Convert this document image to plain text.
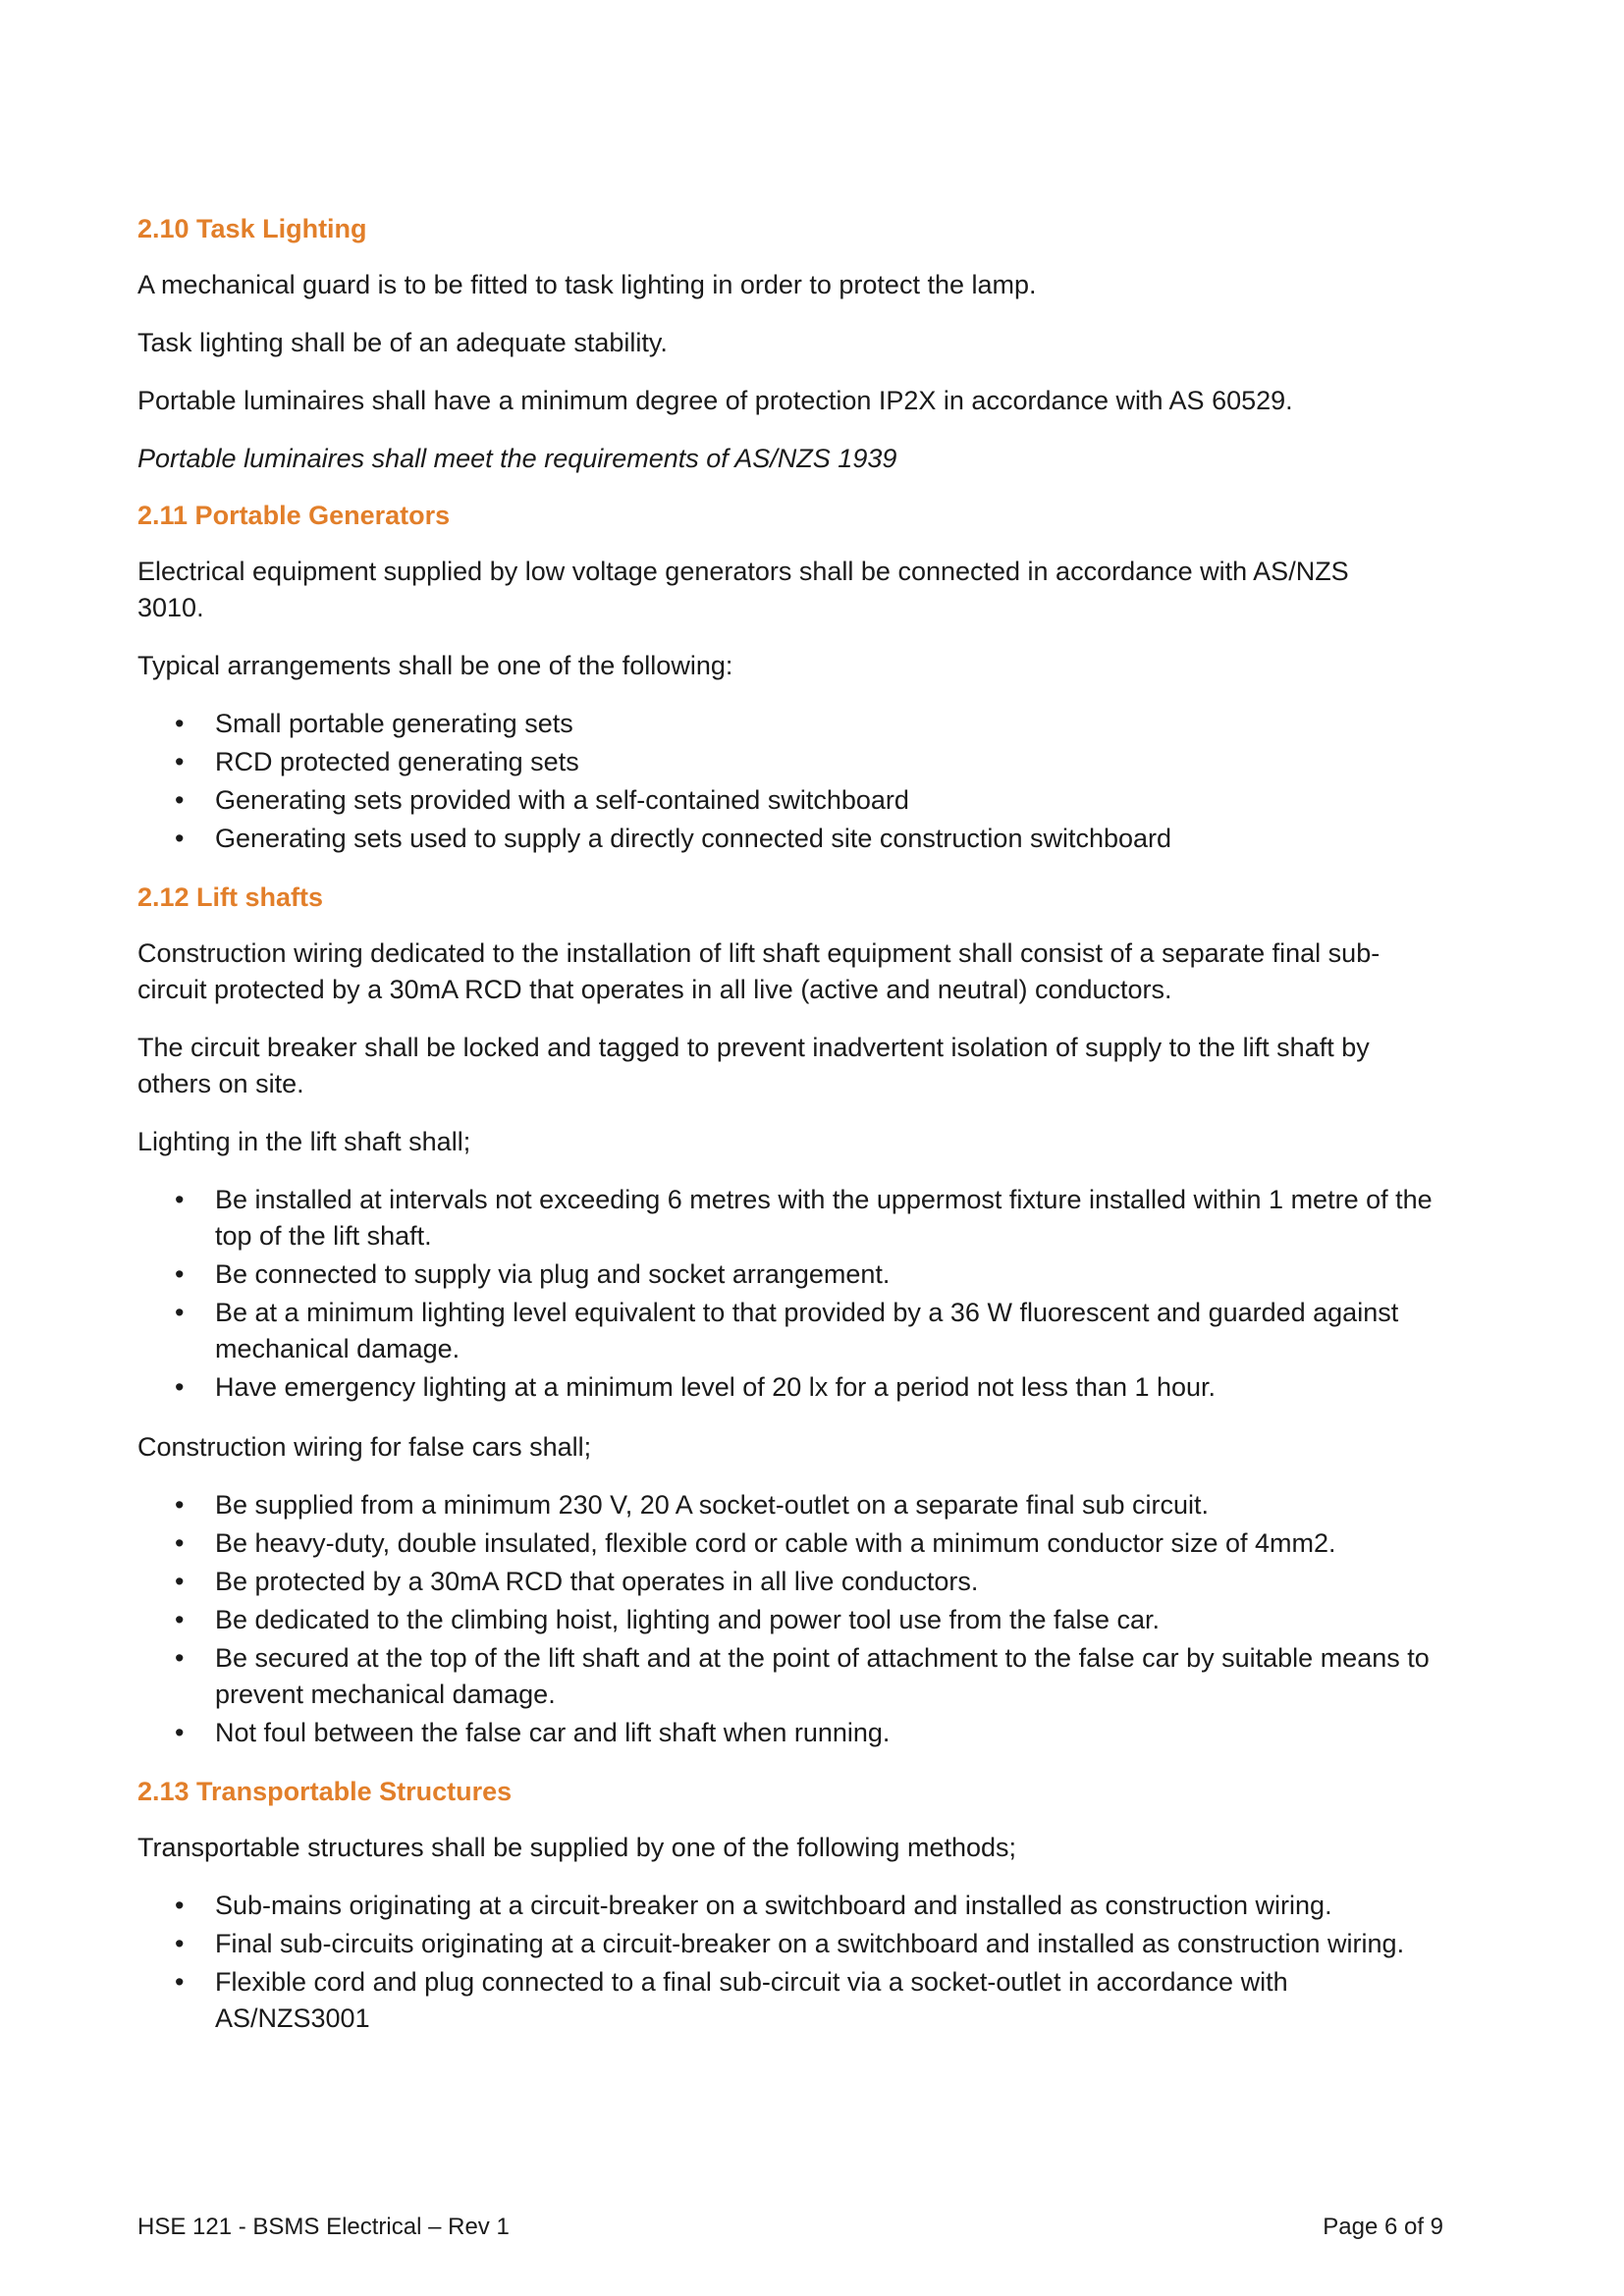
2.10 Task Lighting

A mechanical guard is to be fitted to task lighting in order to protect the lamp.

Task lighting shall be of an adequate stability.

Portable luminaires shall have a minimum degree of protection IP2X in accordance with AS 60529.

Portable luminaires shall meet the requirements of AS/NZS 1939

2.11 Portable Generators

Electrical equipment supplied by low voltage generators shall be connected in accordance with AS/NZS 3010.

Typical arrangements shall be one of the following:

• Small portable generating sets
• RCD protected generating sets
• Generating sets provided with a self-contained switchboard
• Generating sets used to supply a directly connected site construction switchboard
2.12 Lift shafts

Construction wiring dedicated to the installation of lift shaft equipment shall consist of a separate final sub-circuit protected by a 30mA RCD that operates in all live (active and neutral) conductors.

The circuit breaker shall be locked and tagged to prevent inadvertent isolation of supply to the lift shaft by others on site.

Lighting in the lift shaft shall;

• Be installed at intervals not exceeding 6 metres with the uppermost fixture installed within 1 metre of the top of the lift shaft.
• Be connected to supply via plug and socket arrangement.
• Be at a minimum lighting level equivalent to that provided by a 36 W fluorescent and guarded against mechanical damage.
• Have emergency lighting at a minimum level of 20 lx for a period not less than 1 hour.

Construction wiring for false cars shall;

• Be supplied from a minimum 230 V, 20 A socket-outlet on a separate final sub circuit.
• Be heavy-duty, double insulated, flexible cord or cable with a minimum conductor size of 4mm2.
• Be protected by a 30mA RCD that operates in all live conductors.
• Be dedicated to the climbing hoist, lighting and power tool use from the false car.
• Be secured at the top of the lift shaft and at the point of attachment to the false car by suitable means to prevent mechanical damage.
• Not foul between the false car and lift shaft when running.
2.13 Transportable Structures

Transportable structures shall be supplied by one of the following methods;

• Sub-mains originating at a circuit-breaker on a switchboard and installed as construction wiring.
• Final sub-circuits originating at a circuit-breaker on a switchboard and installed as construction wiring.
• Flexible cord and plug connected to a final sub-circuit via a socket-outlet in accordance with AS/NZS3001
HSE 121 - BSMS Electrical – Rev 1	Page 6 of 9
